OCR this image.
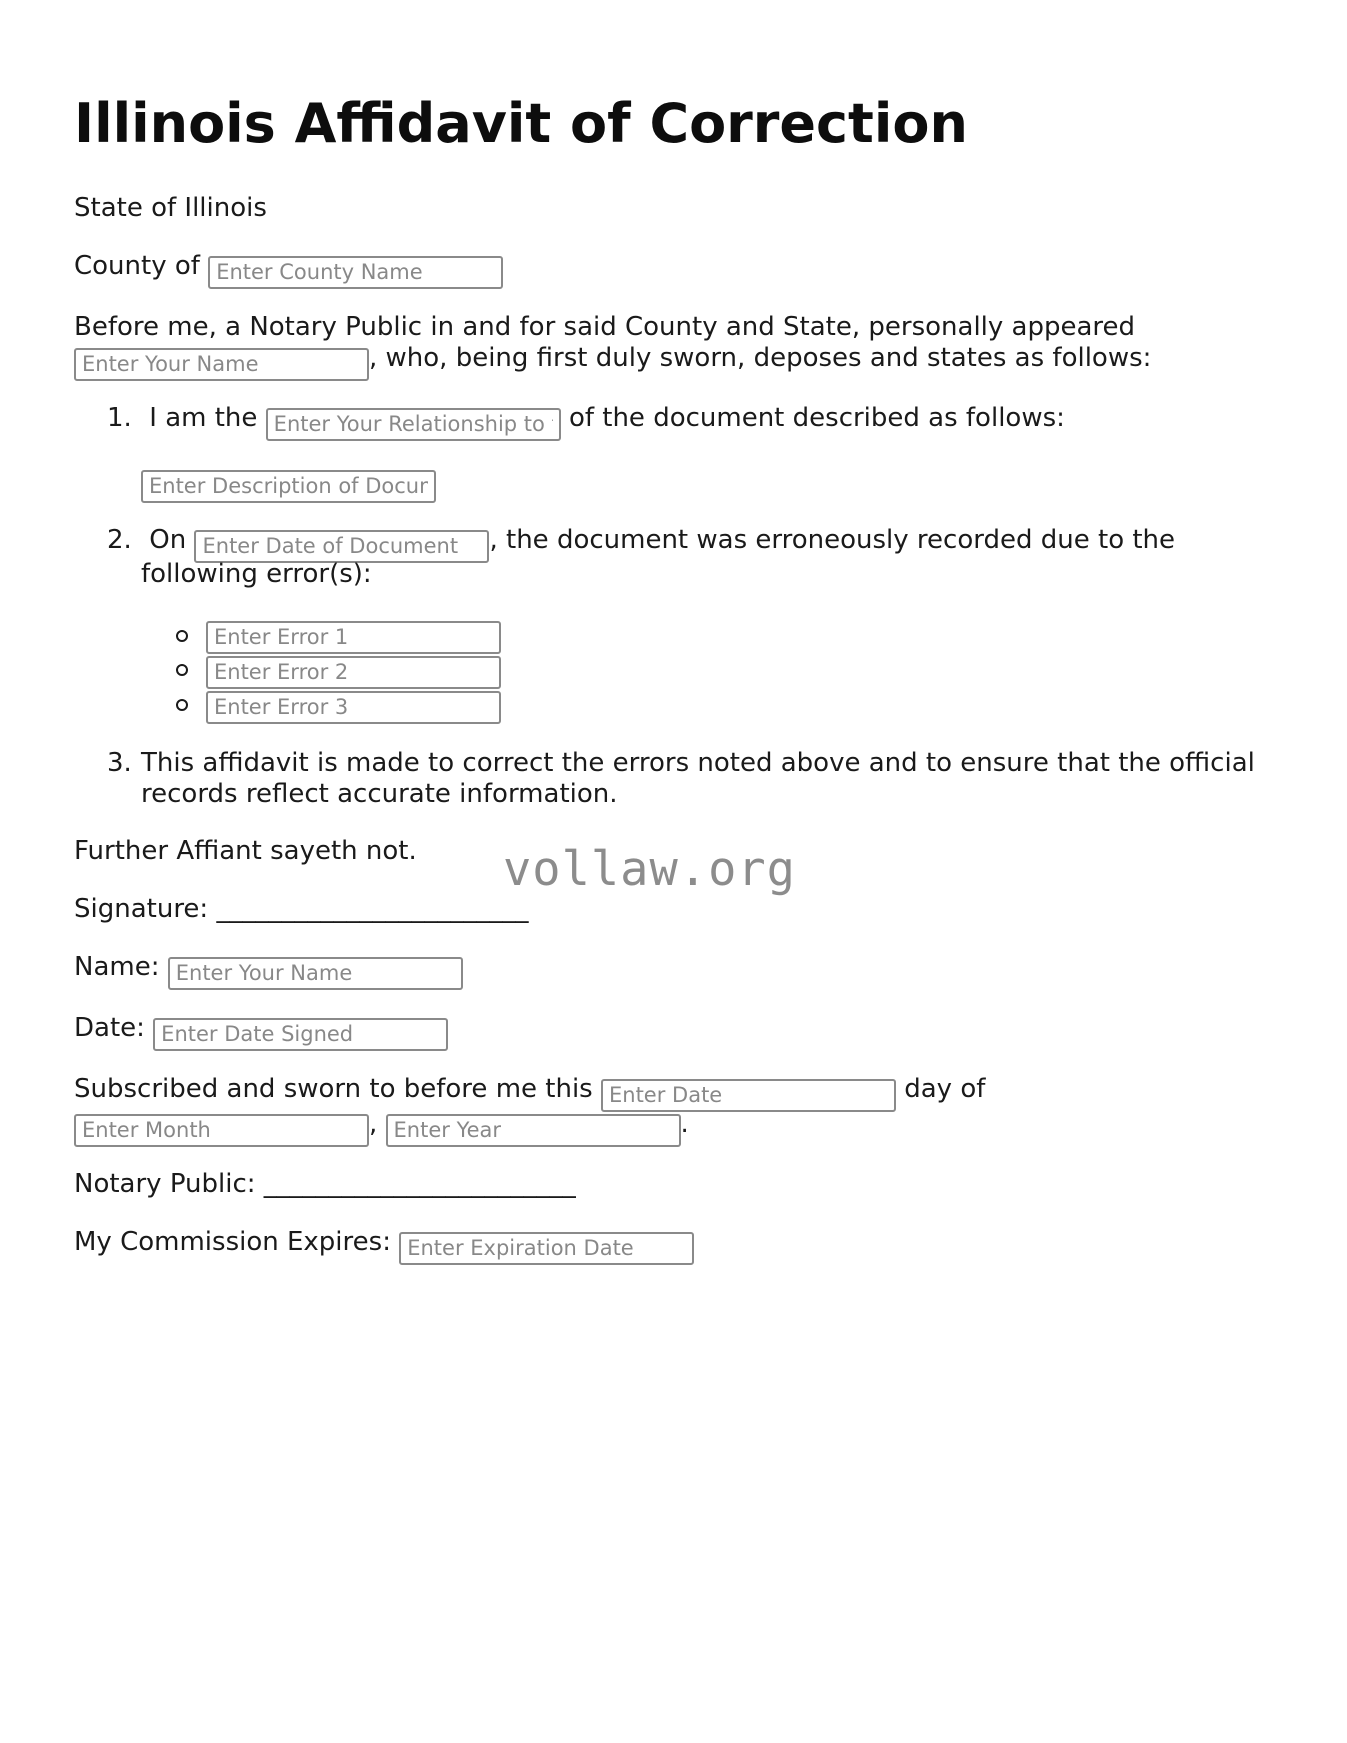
Illinois Affidavit of Correction
State of Illinois
County of Enter County Name
Before me, a Notary Public in and for said County and State, personally appeared
Enter Your Name, who, being first duly sworn, deposes and states as follows:
1. I am the Enter Your Relationship to the Document	of the document described as follows:
Enter Description of Document
2. On Enter Date of Document	, the document was erroneously recorded due to the
following error(s):
Enter Error 1
Enter Error 2
Enter Error 3
3. This affidavit is made to correct the errors noted above and to ensure that the official
records reflect accurate information.
Further Affiant sayeth not.
Signature: ________________________
Name: Enter Your Name
Date: Enter Date Signed
Subscribed and sworn to before me this Enter Date	day of
Enter Month, Enter Year	.
Notary Public: ________________________
My Commission Expires: Enter Expiration Date
vollaw.org
